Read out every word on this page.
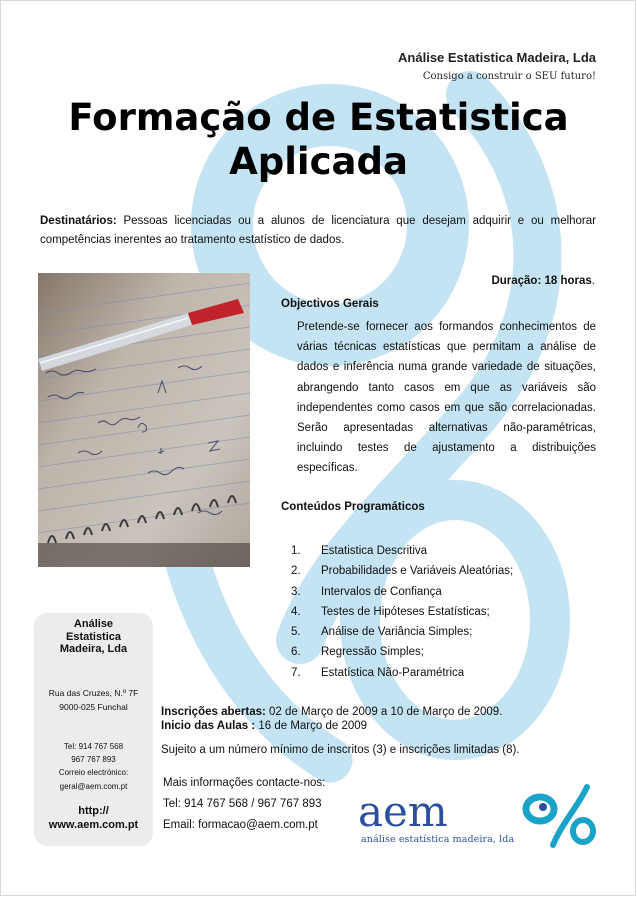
Análise Estatistica Madeira, Lda
Consigo a construir o SEU futuro!
Formação de Estatistica
Aplicada
Destinatários: Pessoas licenciadas ou a alunos de licenciatura que desejam adquirir e ou melhorar competências inerentes ao tratamento estatístico de dados.
Duração: 18 horas.
Objectivos Gerais
Pretende-se fornecer aos formandos conhecimentos de várias técnicas estatísticas que permitam a análise de dados e inferência numa grande variedade de situações, abrangendo tanto casos em que as variáveis são independentes como casos em que são correlacionadas. Serão apresentadas alternativas não-paramétricas, incluindo testes de ajustamento a distribuições específicas.
Conteúdos Programáticos
1. Estatistica Descritiva
2. Probabilidades e Variáveis Aleatórias;
3. Intervalos de Confiança
4. Testes de Hipóteses Estatísticas;
5. Análise de Variância Simples;
6. Regressão Simples;
7. Estatística Não-Paramétrica
Análise
Estatistica
Madeira, Lda
Rua das Cruzes, N.º 7F
9000-025 Funchal
Tel: 914 767 568
967 767 893
Correio electrónico:
geral@aem.com.pt
http://
www.aem.com.pt
Inscrições abertas: 02 de Março de 2009 a 10 de Março de 2009.
Inicio das Aulas : 16 de Março de 2009
Sujeito a um número mínimo de inscritos (3) e inscrições limitadas (8).
Mais informações contacte-nos:
Tel: 914 767 568 / 967 767 893
Email: formacao@aem.com.pt aem
análise estatística madeira, lda
